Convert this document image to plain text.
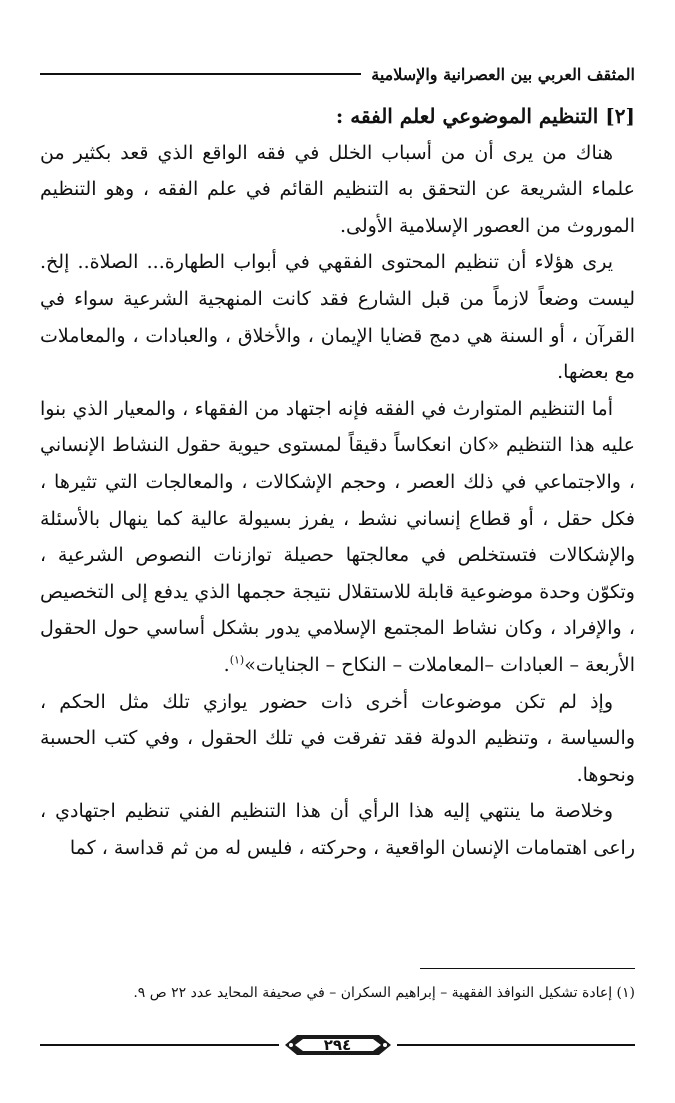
المثقف العربي بين العصرانية والإسلامية

[٢] التنظيم الموضوعي لعلم الفقه :

هناك من يرى أن من أسباب الخلل في فقه الواقع الذي قعد بكثير من علماء الشريعة عن التحقق به التنظيم القائم في علم الفقه ، وهو التنظيم الموروث من العصور الإسلامية الأولى.

يرى هؤلاء أن تنظيم المحتوى الفقهي في أبواب الطهارة... الصلاة.. إلخ. ليست وضعاً لازماً من قبل الشارع فقد كانت المنهجية الشرعية سواء في القرآن ، أو السنة هي دمج قضايا الإيمان ، والأخلاق ، والعبادات ، والمعاملات مع بعضها.

أما التنظيم المتوارث في الفقه فإنه اجتهاد من الفقهاء ، والمعيار الذي بنوا عليه هذا التنظيم «كان انعكاساً دقيقاً لمستوى حيوية حقول النشاط الإنساني ، والاجتماعي في ذلك العصر ، وحجم الإشكالات ، والمعالجات التي تثيرها ، فكل حقل ، أو قطاع إنساني نشط ، يفرز بسيولة عالية كما ينهال بالأسئلة والإشكالات فتستخلص في معالجتها حصيلة توازنات النصوص الشرعية ، وتكوّن وحدة موضوعية قابلة للاستقلال نتيجة حجمها الذي يدفع إلى التخصيص ، والإفراد ، وكان نشاط المجتمع الإسلامي يدور بشكل أساسي حول الحقول الأربعة – العبادات –المعاملات – النكاح – الجنايات»$^{(١)}$.

وإذ لم تكن موضوعات أخرى ذات حضور يوازي تلك مثل الحكم ، والسياسة ، وتنظيم الدولة فقد تفرقت في تلك الحقول ، وفي كتب الحسبة ونحوها.

وخلاصة ما ينتهي إليه هذا الرأي أن هذا التنظيم الفني تنظيم اجتهادي ، راعى اهتمامات الإنسان الواقعية ، وحركته ، فليس له من ثم قداسة ، كما

(١) إعادة تشكيل النوافذ الفقهية – إبراهيم السكران – في صحيفة المحايد عدد ٢٢ ص ٩.
٢٩٤
